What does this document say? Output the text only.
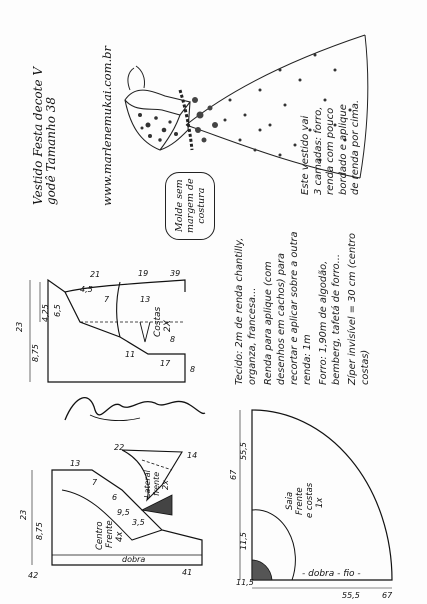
Vestido Festa decote V godê Tamanho 38	www.marlenemukai.com.br	Molde sem margem de costura
Este vestido vai 3 camadas: forro, renda com pouco bordado e aplique de renda por cima.
Tecido: 2m de renda chantilly, organza, francesa... Renda para aplique (com desenhos em cachos) para recortar e aplicar sobre a outra renda: 1m Forro: 1,90m de algodão, bemberg, tafetá de forro... Zíper invisível = 30 cm (centro costas)
23
19	39
8,75
4,25 6,5
21
11
17
7
4,5
13
8
8
Costas 2X
23
22
8,75
13
7
6
9,5
3,5
41
14
42
dobra
Centro Frente 4x
Lateral frente 2x
67
55,5
11,5
11,5
55,5	67
- dobra - fio -
Saia Frente e costas 1x
